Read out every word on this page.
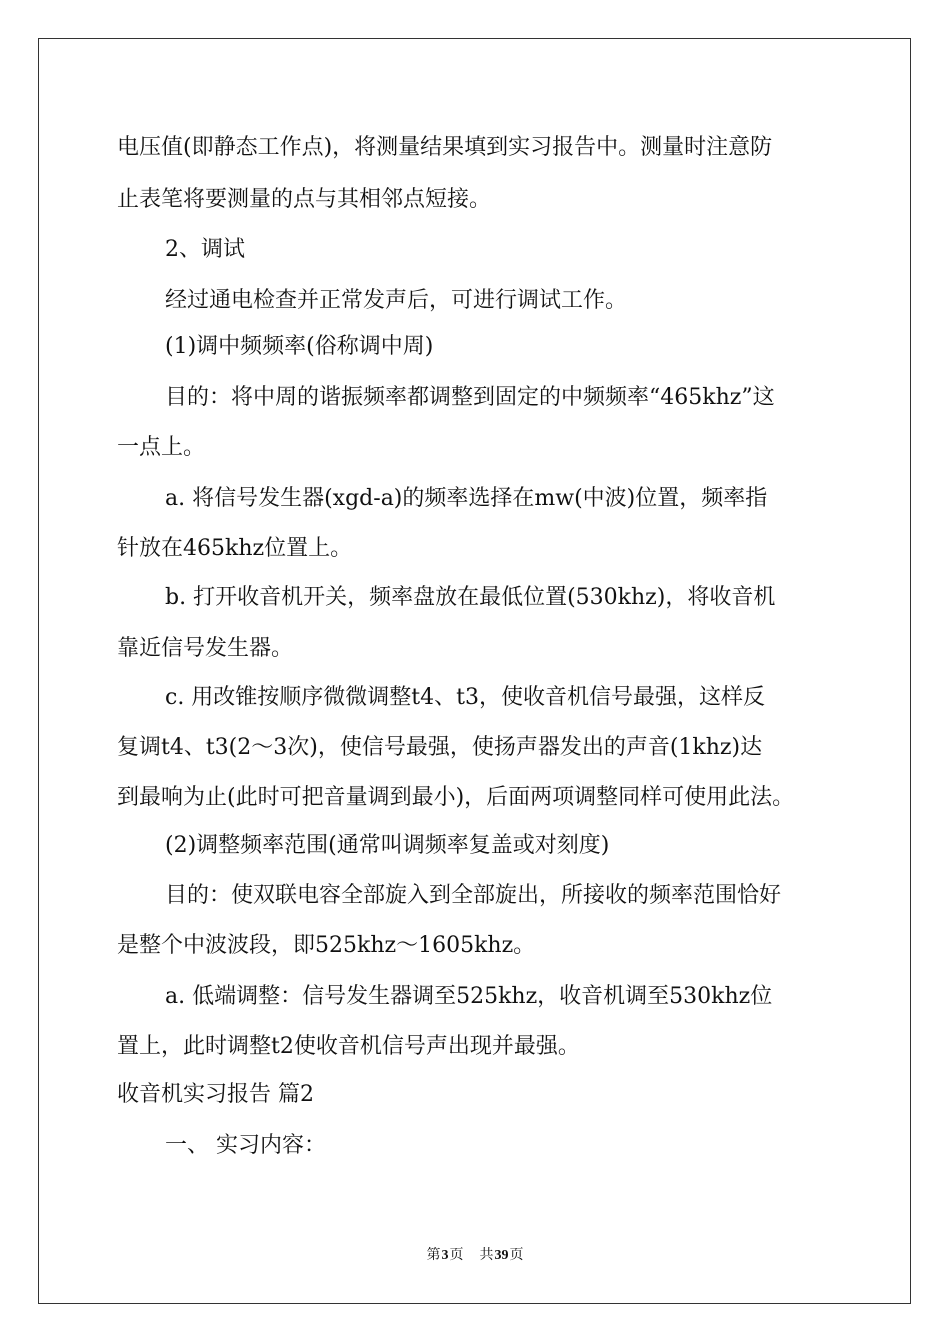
电压值(即静态工作点)，将测量结果填到实习报告中。测量时注意防
止表笔将要测量的点与其相邻点短接。
2、调试
经过通电检查并正常发声后，可进行调试工作。
(1)调中频频率(俗称调中周)
目的：将中周的谐振频率都调整到固定的中频频率“465khz”这
一点上。
a. 将信号发生器(xgd-a)的频率选择在mw(中波)位置，频率指
针放在465khz位置上。
b. 打开收音机开关，频率盘放在最低位置(530khz)，将收音机
靠近信号发生器。
c. 用改锥按顺序微微调整t4、t3，使收音机信号最强，这样反
复调t4、t3(2～3次)，使信号最强，使扬声器发出的声音(1khz)达
到最响为止(此时可把音量调到最小)，后面两项调整同样可使用此法。
(2)调整频率范围(通常叫调频率复盖或对刻度)
目的：使双联电容全部旋入到全部旋出，所接收的频率范围恰好
是整个中波波段，即525khz～1605khz。
a. 低端调整：信号发生器调至525khz，收音机调至530khz位
置上，此时调整t2使收音机信号声出现并最强。
收音机实习报告 篇2
一、 实习内容：
第3页 共39页
